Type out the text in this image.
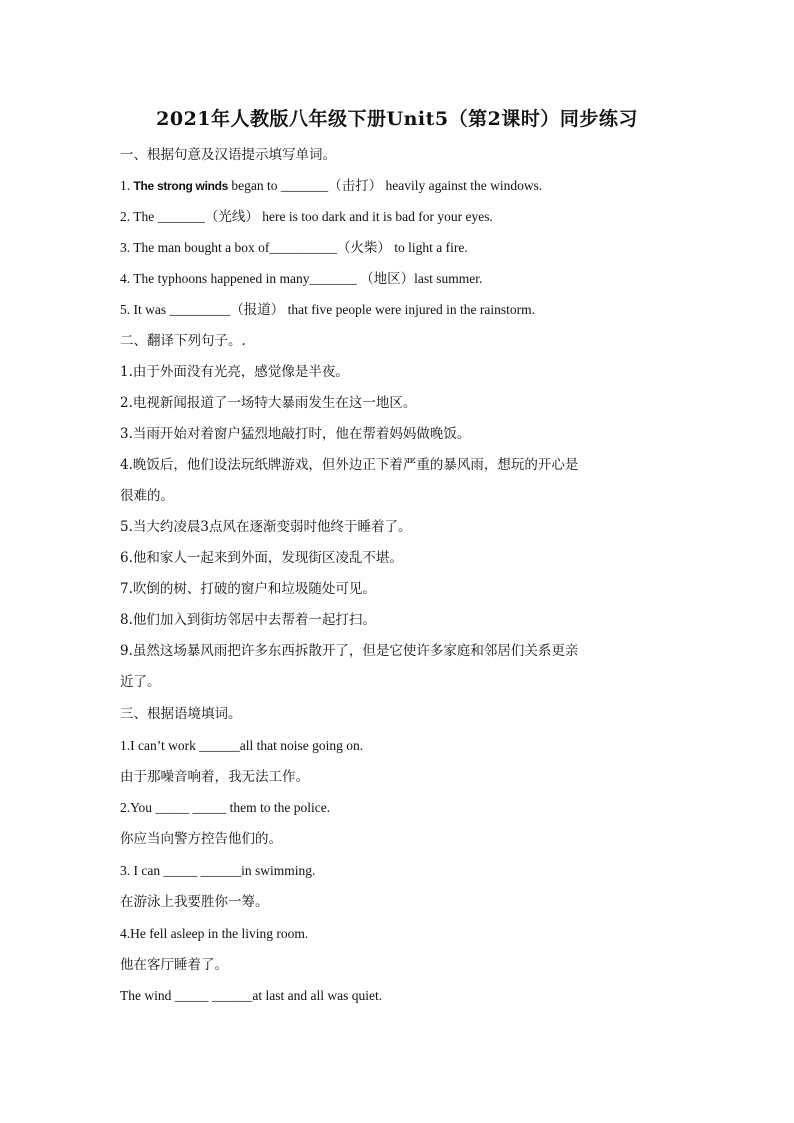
2021年人教版八年级下册Unit5（第2课时）同步练习
一、根据句意及汉语提示填写单词。
1. The strong winds began to _______（击打） heavily against the windows.
2. The _______（光线） here is too dark and it is bad for your eyes.
3. The man bought a box of__________（火柴） to light a fire.
4. The typhoons happened in many_______ （地区）last summer.
5. It was _________（报道） that five people were injured in the rainstorm.
二、翻译下列句子。.
1.由于外面没有光亮，感觉像是半夜。
2.电视新闻报道了一场特大暴雨发生在这一地区。
3.当雨开始对着窗户猛烈地敲打时，他在帮着妈妈做晚饭。
4.晚饭后，他们设法玩纸牌游戏，但外边正下着严重的暴风雨，想玩的开心是
很难的。
5.当大约凌晨3点风在逐渐变弱时他终于睡着了。
6.他和家人一起来到外面，发现街区凌乱不堪。
7.吹倒的树、打破的窗户和垃圾随处可见。
8.他们加入到街坊邻居中去帮着一起打扫。
9.虽然这场暴风雨把许多东西拆散开了，但是它使许多家庭和邻居们关系更亲
近了。
三、根据语境填词。
1.I can’t work ______all that noise going on.
由于那噪音响着，我无法工作。
2.You _____ _____ them to the police.
你应当向警方控告他们的。
3. I can _____ ______in swimming.
在游泳上我要胜你一筹。
4.He fell asleep in the living room.
他在客厅睡着了。
The wind _____ ______at last and all was quiet.
